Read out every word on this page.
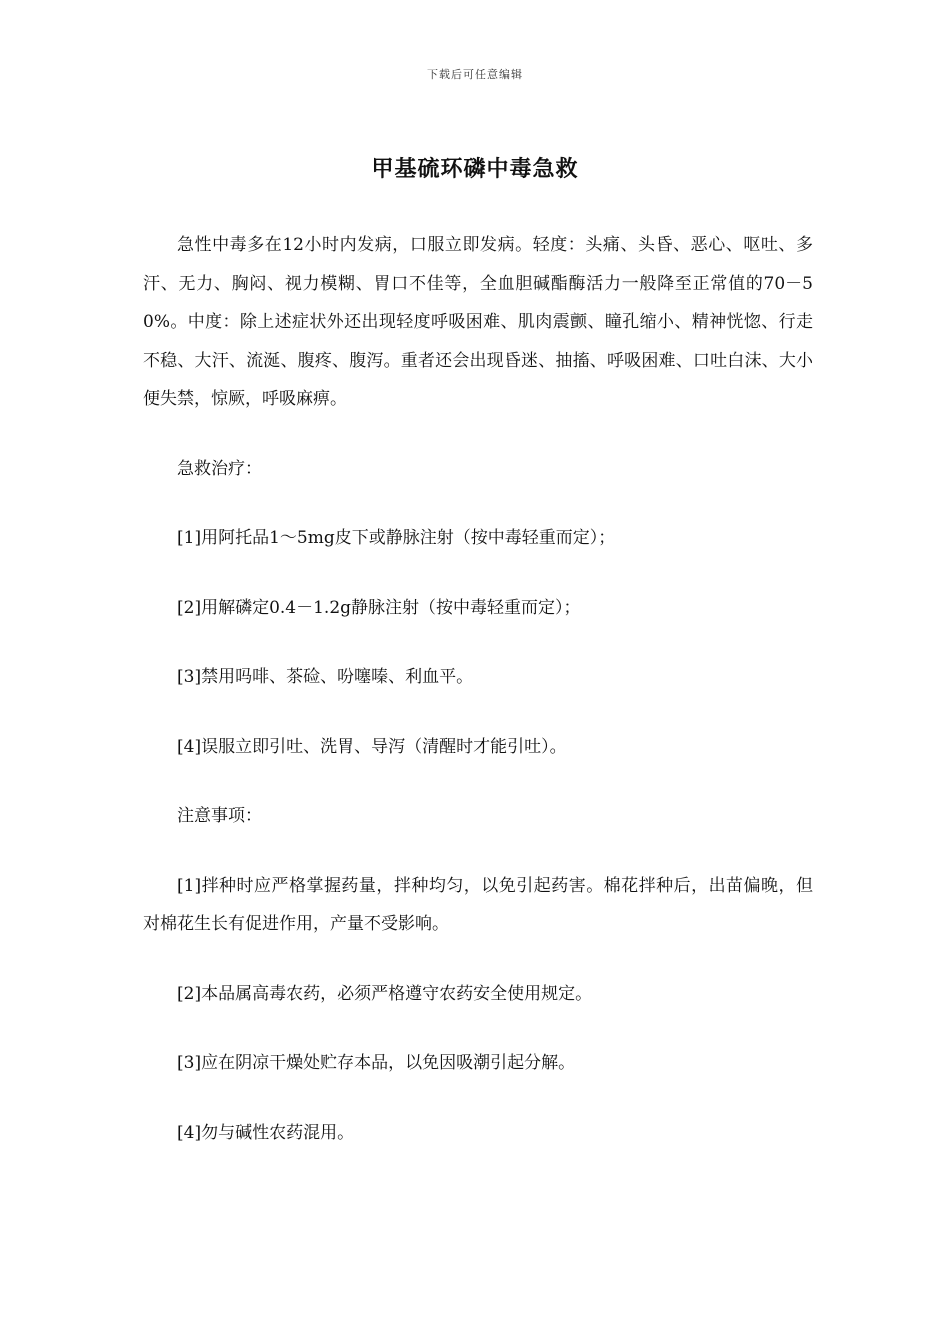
下载后可任意编辑
甲基硫环磷中毒急救

急性中毒多在12小时内发病，口服立即发病。轻度：头痛、头昏、恶心、呕吐、多汗、无力、胸闷、视力模糊、胃口不佳等，全血胆碱酯酶活力一般降至正常值的70－50%。中度：除上述症状外还出现轻度呼吸困难、肌肉震颤、瞳孔缩小、精神恍惚、行走不稳、大汗、流涎、腹疼、腹泻。重者还会出现昏迷、抽搐、呼吸困难、口吐白沫、大小便失禁，惊厥，呼吸麻痹。

急救治疗：

[1]用阿托品1～5mg皮下或静脉注射（按中毒轻重而定）；

[2]用解磷定0.4－1.2g静脉注射（按中毒轻重而定）；

[3]禁用吗啡、茶硷、吩噻嗪、利血平。

[4]误服立即引吐、洗胃、导泻（清醒时才能引吐）。

注意事项：

[1]拌种时应严格掌握药量，拌种均匀，以免引起药害。棉花拌种后，出苗偏晚，但对棉花生长有促进作用，产量不受影响。

[2]本品属高毒农药，必须严格遵守农药安全使用规定。

[3]应在阴凉干燥处贮存本品，以免因吸潮引起分解。

[4]勿与碱性农药混用。
